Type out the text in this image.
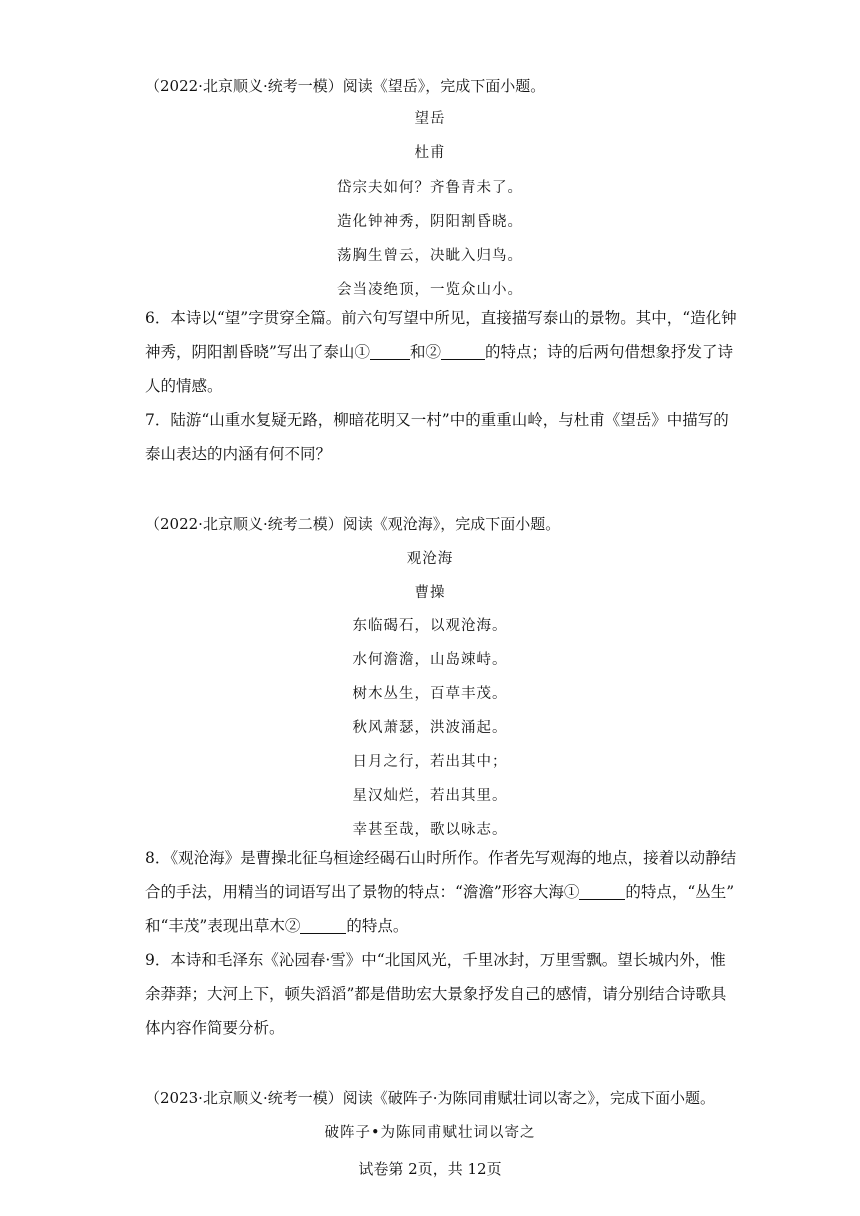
（2022·北京顺义·统考一模）阅读《望岳》，完成下面小题。
望岳
杜甫
岱宗夫如何？齐鲁青未了。
造化钟神秀，阴阳割昏晓。
荡胸生曾云，决眦入归鸟。
会当凌绝顶，一览众山小。
6．本诗以“望”字贯穿全篇。前六句写望中所见，直接描写泰山的景物。其中，“造化钟
神秀，阴阳割昏晓”写出了泰山①	和②	的特点；诗的后两句借想象抒发了诗
人的情感。
7．陆游“山重水复疑无路，柳暗花明又一村”中的重重山岭，与杜甫《望岳》中描写的
泰山表达的内涵有何不同？
（2022·北京顺义·统考二模）阅读《观沧海》，完成下面小题。
观沧海
曹操
东临碣石，以观沧海。
水何澹澹，山岛竦峙。
树木丛生，百草丰茂。
秋风萧瑟，洪波涌起。
日月之行，若出其中；
星汉灿烂，若出其里。
幸甚至哉，歌以咏志。
8．《观沧海》是曹操北征乌桓途经碣石山时所作。作者先写观海的地点，接着以动静结
合的手法，用精当的词语写出了景物的特点：“澹澹”形容大海①	的特点，“丛生”
和“丰茂”表现出草木②	的特点。
9．本诗和毛泽东《沁园春·雪》中“北国风光，千里冰封，万里雪飘。望长城内外，惟
余莽莽；大河上下，顿失滔滔”都是借助宏大景象抒发自己的感情，请分别结合诗歌具
体内容作简要分析。
（2023·北京顺义·统考一模）阅读《破阵子·为陈同甫赋壮词以寄之》，完成下面小题。
破阵子•为陈同甫赋壮词以寄之
试卷第 2页，共 12页
